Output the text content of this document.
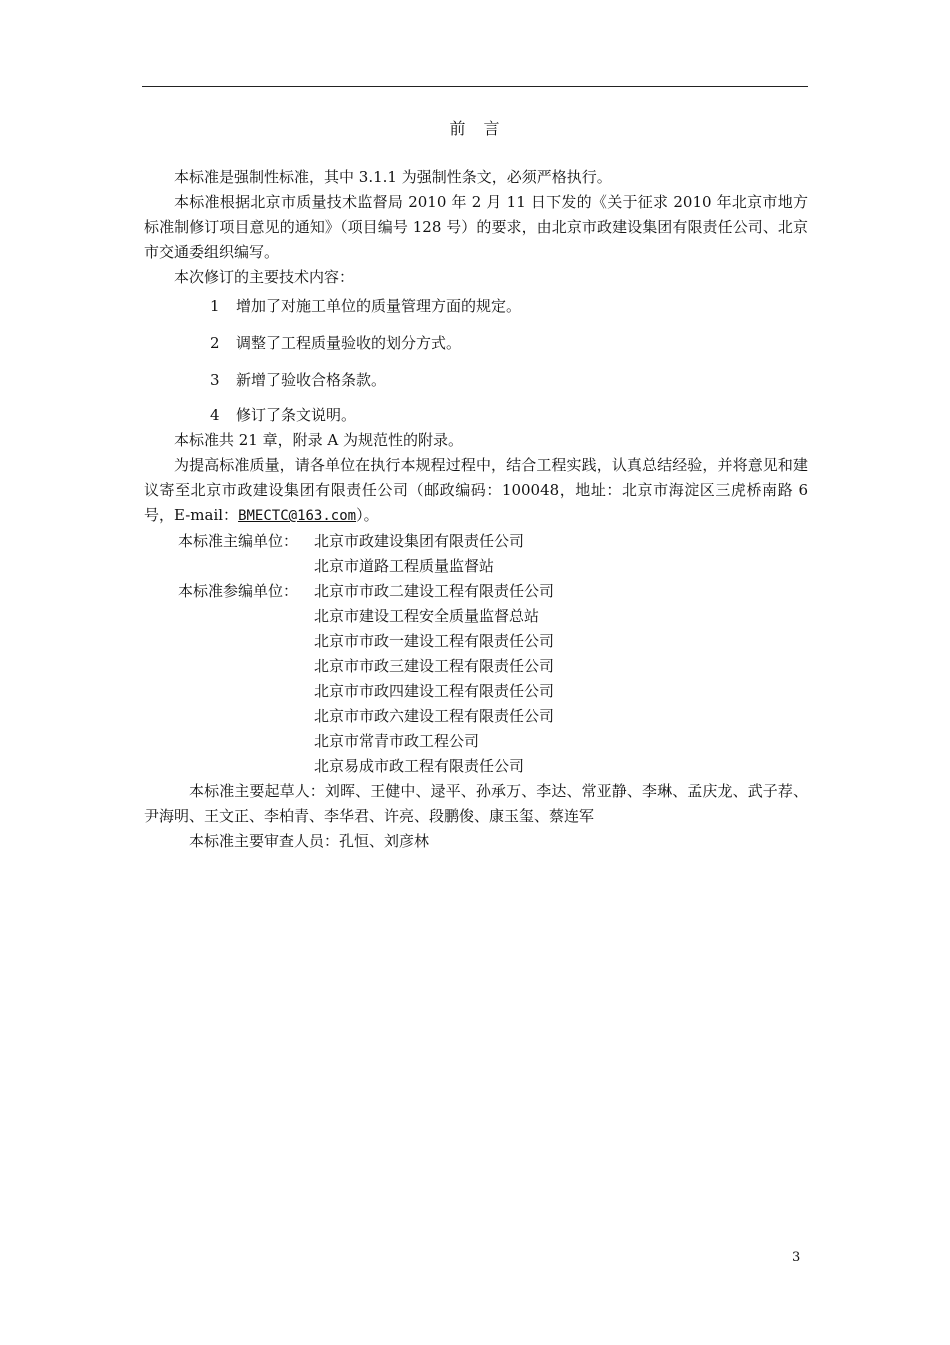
前　言

本标准是强制性标准，其中 3.1.1 为强制性条文，必须严格执行。

本标准根据北京市质量技术监督局 2010 年 2 月 11 日下发的《关于征求 2010 年北京市地方标准制修订项目意见的通知》（项目编号 128 号）的要求，由北京市政建设集团有限责任公司、北京市交通委组织编写。

本次修订的主要技术内容：

1 增加了对施工单位的质量管理方面的规定。
2 调整了工程质量验收的划分方式。
3 新增了验收合格条款。
4 修订了条文说明。

本标准共 21 章，附录 A 为规范性的附录。

为提高标准质量，请各单位在执行本规程过程中，结合工程实践，认真总结经验，并将意见和建议寄至北京市政建设集团有限责任公司（邮政编码：100048，地址：北京市海淀区三虎桥南路 6 号，E-mail：BMECTC@163.com）。

本标准主编单位：	北京市政建设集团有限责任公司
北京市道路工程质量监督站
本标准参编单位：	北京市市政二建设工程有限责任公司
北京市建设工程安全质量监督总站
北京市市政一建设工程有限责任公司
北京市市政三建设工程有限责任公司
北京市市政四建设工程有限责任公司
北京市市政六建设工程有限责任公司
北京市常青市政工程公司
北京易成市政工程有限责任公司

本标准主要起草人：刘晖、王健中、逯平、孙承万、李达、常亚静、李琳、孟庆龙、武子荐、尹海明、王文正、李柏青、李华君、许亮、段鹏俊、康玉玺、蔡连军

本标准主要审查人员：孔恒、刘彦林

3
